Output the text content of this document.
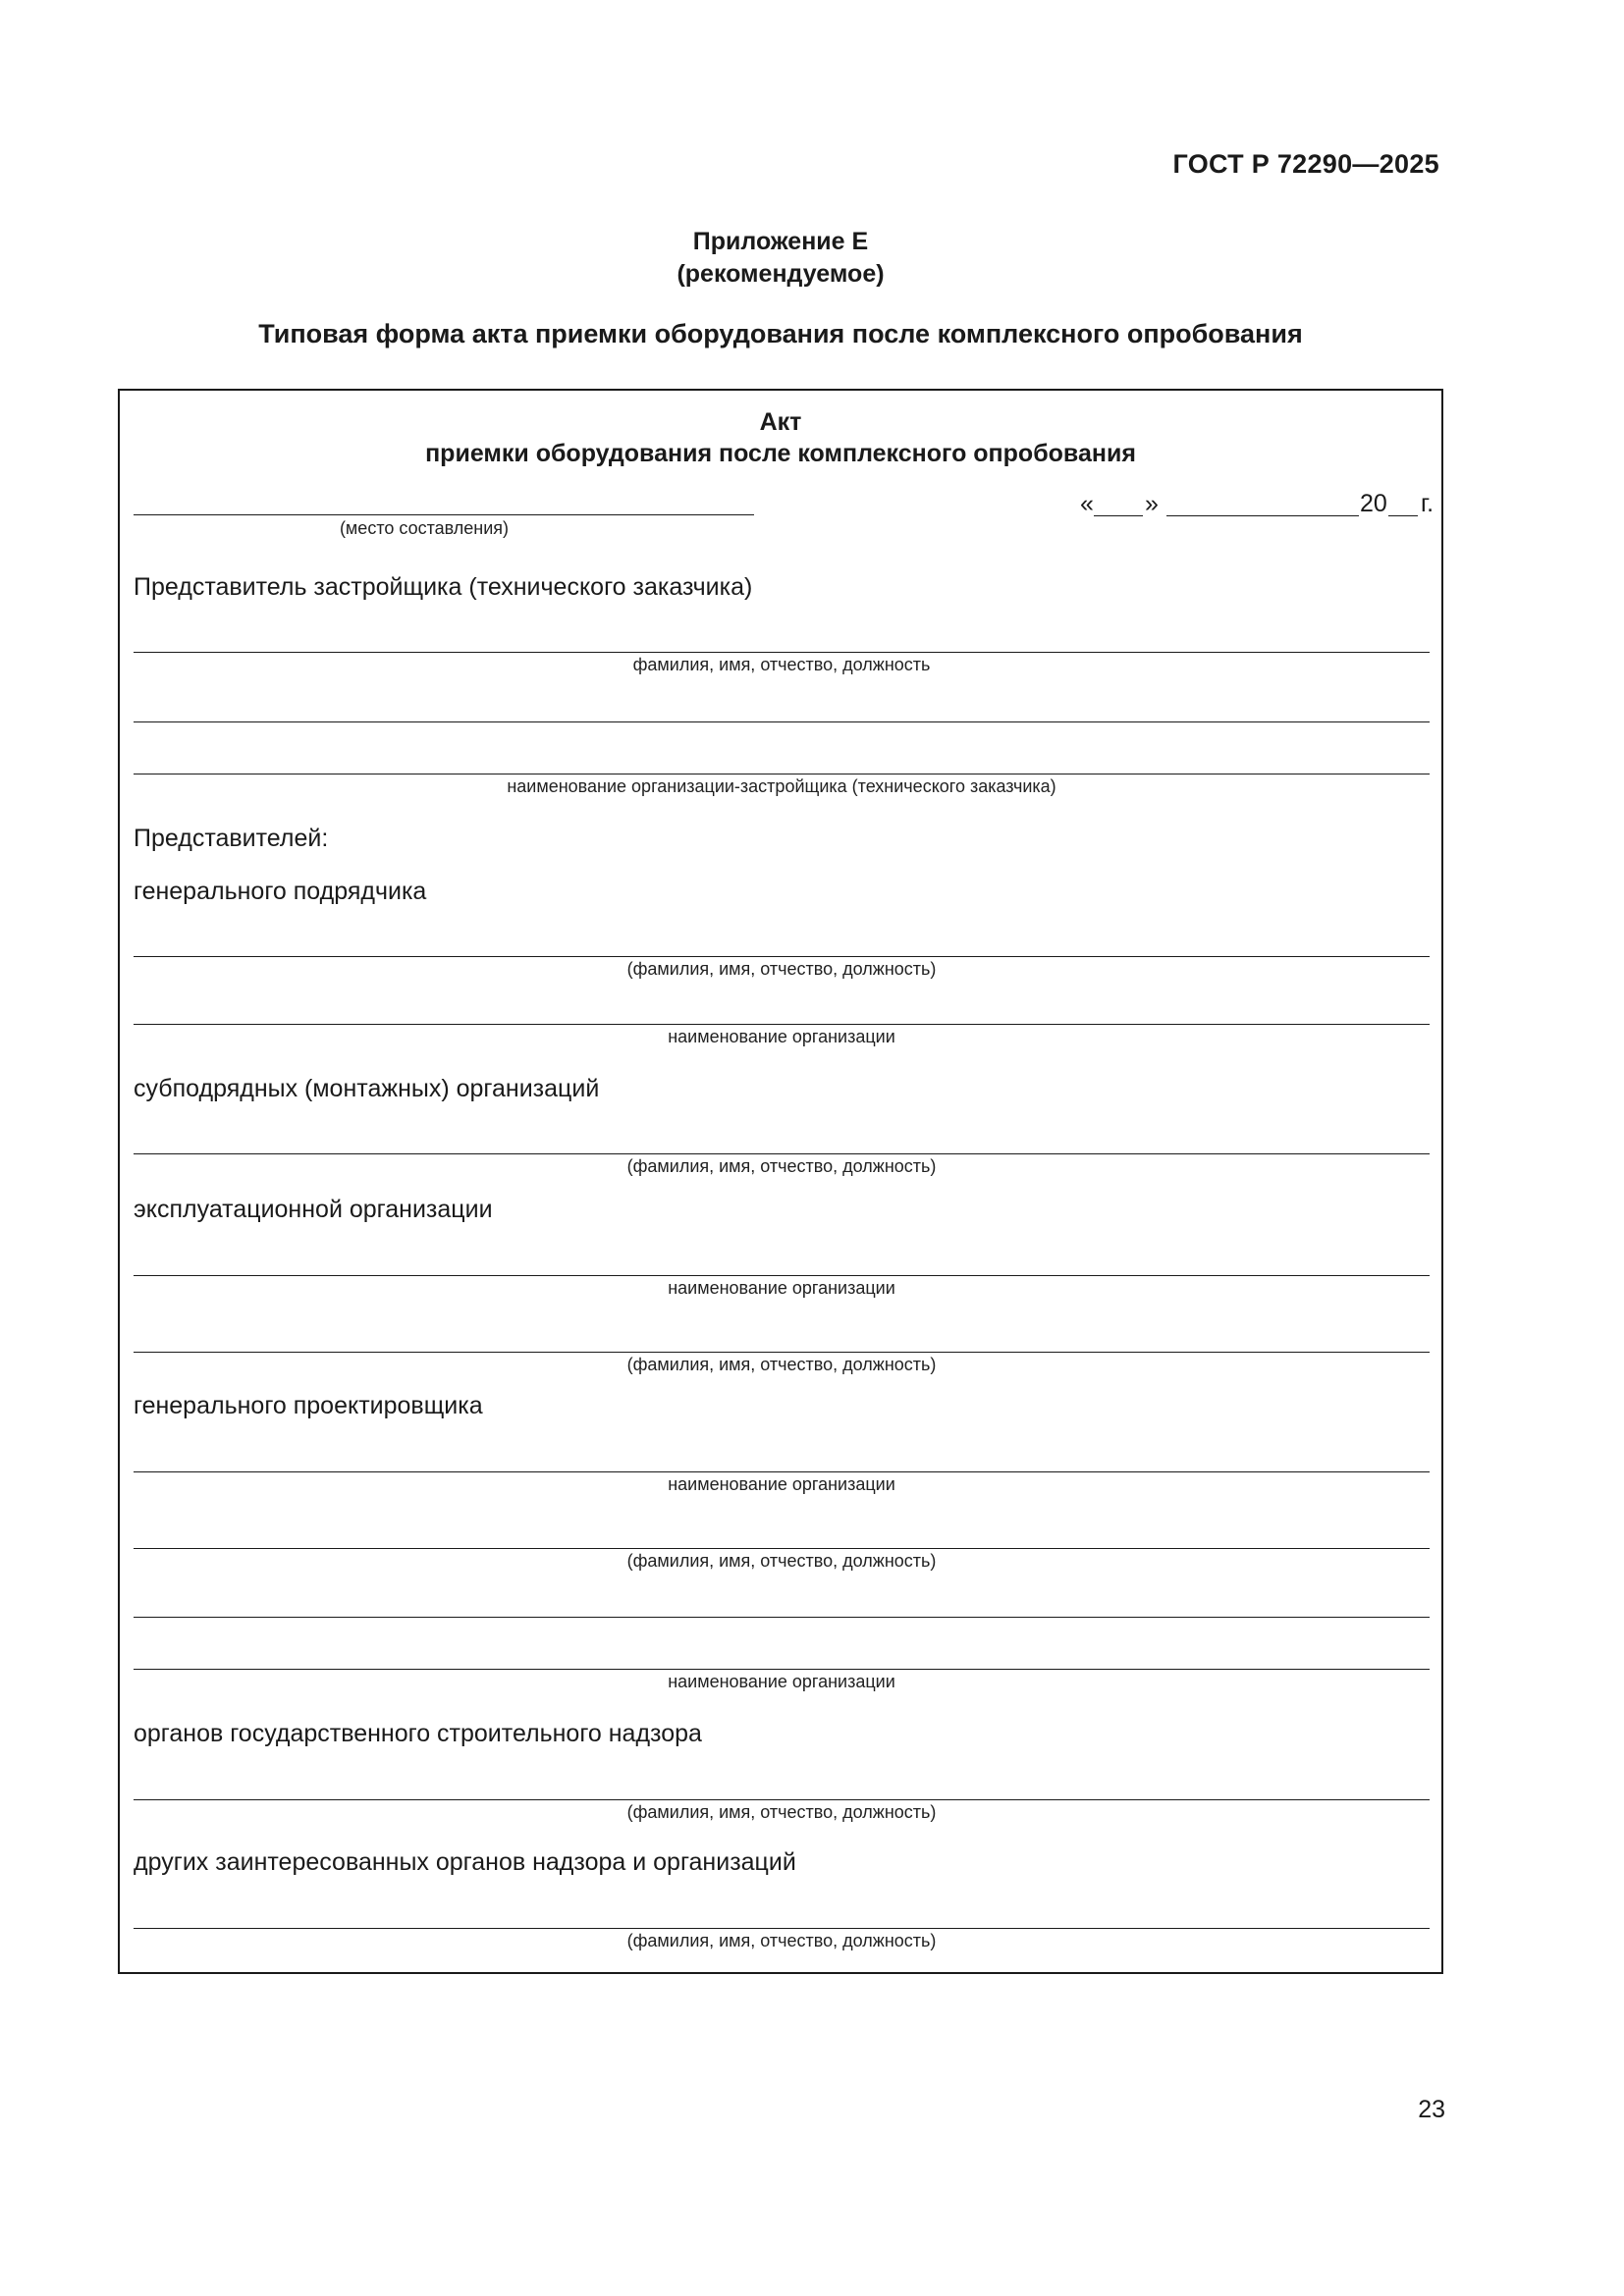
ГОСТ Р 72290—2025
Приложение Е
(рекомендуемое)
Типовая форма акта приемки оборудования после комплексного опробования
Акт
приемки оборудования после комплексного опробования
(место составления)
« »	20 г.
Представитель застройщика (технического заказчика)
фамилия, имя, отчество, должность
наименование организации-застройщика (технического заказчика)
Представителей:
генерального подрядчика
(фамилия, имя, отчество, должность)
наименование организации
субподрядных (монтажных) организаций
(фамилия, имя, отчество, должность)
эксплуатационной организации
наименование организации
(фамилия, имя, отчество, должность)
генерального проектировщика
наименование организации
(фамилия, имя, отчество, должность)
наименование организации
органов государственного строительного надзора
(фамилия, имя, отчество, должность)
других заинтересованных органов надзора и организаций
(фамилия, имя, отчество, должность)
23
